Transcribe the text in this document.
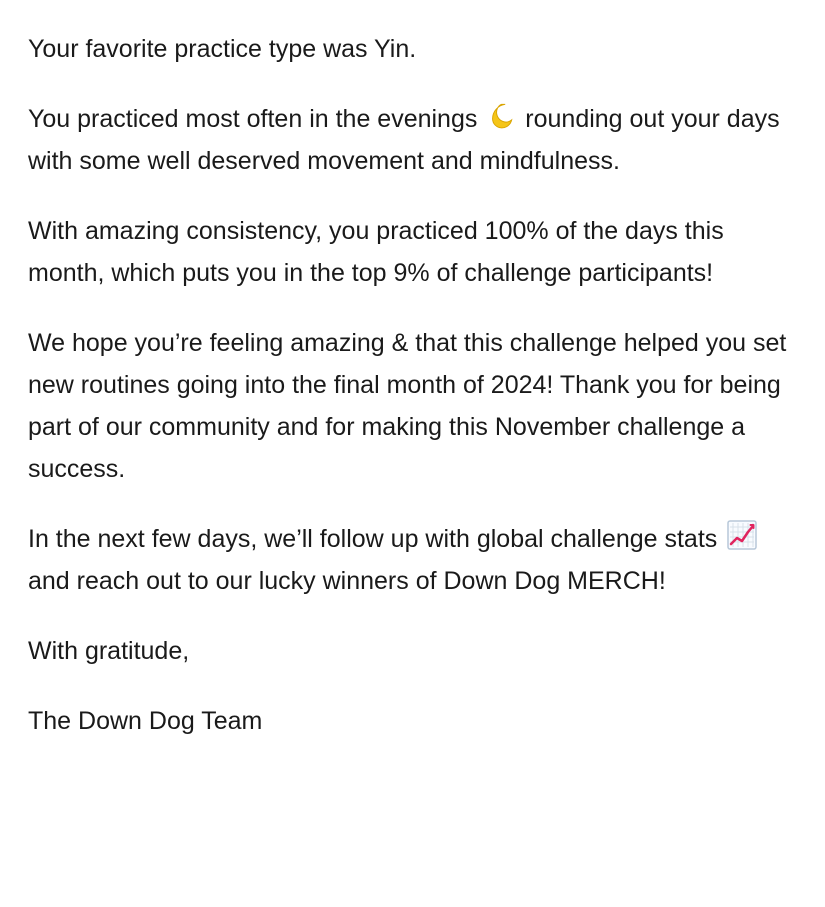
Your favorite practice type was Yin.

You practiced most often in the evenings rounding out your days with some well deserved movement and mindfulness.

With amazing consistency, you practiced 100% of the days this month, which puts you in the top 9% of challenge participants!

We hope you’re feeling amazing & that this challenge helped you set new routines going into the final month of 2024! Thank you for being part of our community and for making this November challenge a success.

In the next few days, we’ll follow up with global challenge stats  and reach out to our lucky winners of Down Dog MERCH!

With gratitude,

The Down Dog Team
